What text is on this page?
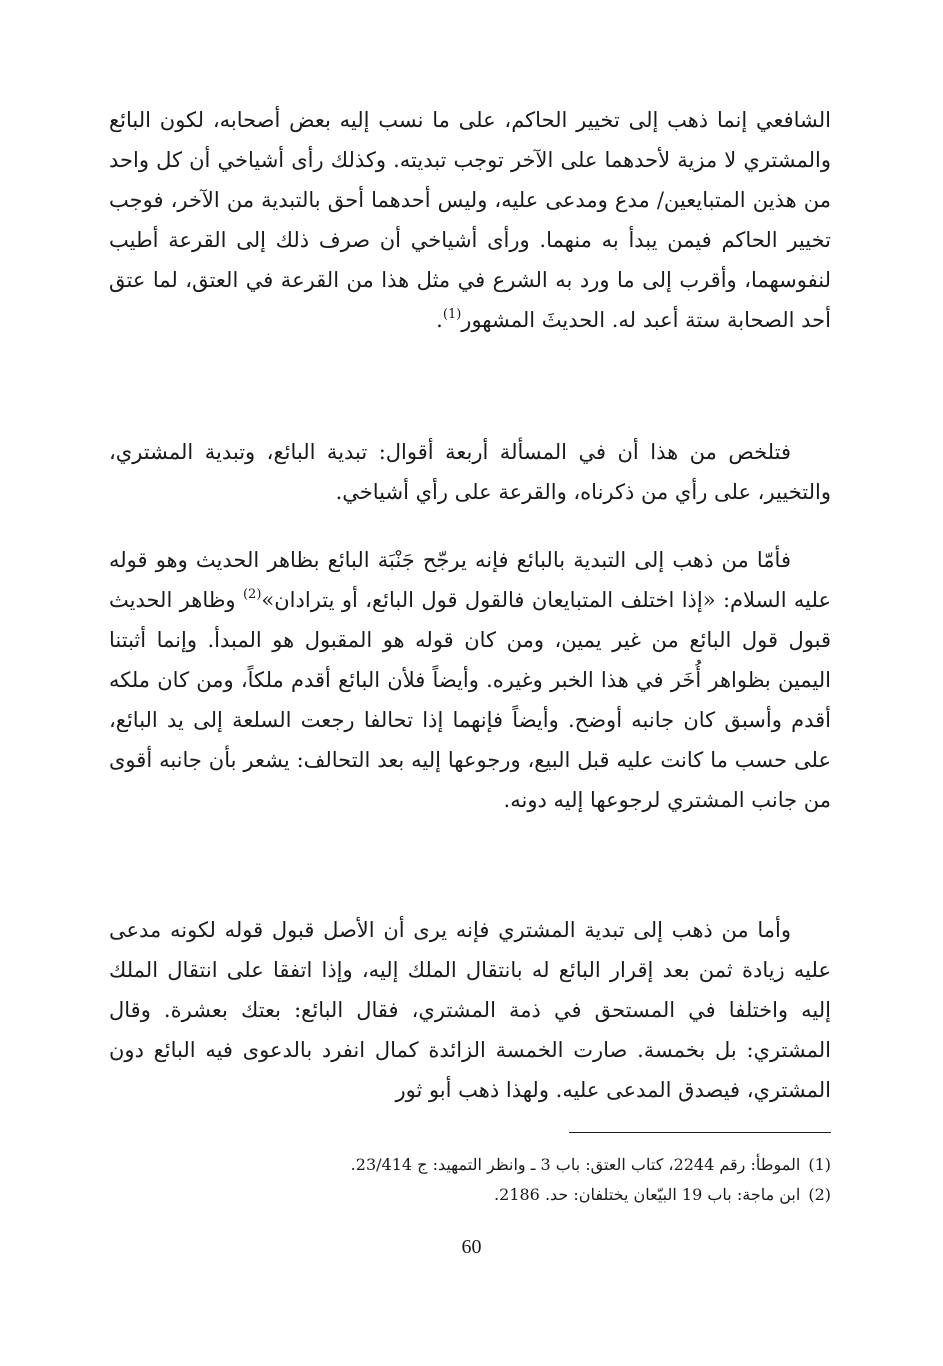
الشافعي إنما ذهب إلى تخيير الحاكم، على ما نسب إليه بعض أصحابه، لكون البائع والمشتري لا مزية لأحدهما على الآخر توجب تبديته. وكذلك رأى أشياخي أن كل واحد من هذين المتبايعين/ مدع ومدعى عليه، وليس أحدهما أحق بالتبدية من الآخر، فوجب تخيير الحاكم فيمن يبدأ به منهما. ورأى أشياخي أن صرف ذلك إلى القرعة أطيب لنفوسهما، وأقرب إلى ما ورد به الشرع في مثل هذا من القرعة في العتق، لما عتق أحد الصحابة ستة أعبد له. الحديثَ المشهور$^{(1)}$.

فتلخص من هذا أن في المسألة أربعة أقوال: تبدية البائع، وتبدية المشتري، والتخيير، على رأي من ذكرناه، والقرعة على رأي أشياخي.

فأمّا من ذهب إلى التبدية بالبائع فإنه يرجّح جَنْبَة البائع بظاهر الحديث وهو قوله عليه السلام: «إذا اختلف المتبايعان فالقول قول البائع، أو يترادان»$^{(2)}$ وظاهر الحديث قبول قول البائع من غير يمين، ومن كان قوله هو المقبول هو المبدأ. وإنما أثبتنا اليمين بظواهر أُخَر في هذا الخبر وغيره. وأيضاً فلأن البائع أقدم ملكاً، ومن كان ملكه أقدم وأسبق كان جانبه أوضح. وأيضاً فإنهما إذا تحالفا رجعت السلعة إلى يد البائع، على حسب ما كانت عليه قبل البيع، ورجوعها إليه بعد التحالف: يشعر بأن جانبه أقوى من جانب المشتري لرجوعها إليه دونه.

وأما من ذهب إلى تبدية المشتري فإنه يرى أن الأصل قبول قوله لكونه مدعى عليه زيادة ثمن بعد إقرار البائع له بانتقال الملك إليه، وإذا اتفقا على انتقال الملك إليه واختلفا في المستحق في ذمة المشتري، فقال البائع: بعتك بعشرة. وقال المشتري: بل بخمسة. صارت الخمسة الزائدة كمال انفرد بالدعوى فيه البائع دون المشتري، فيصدق المدعى عليه. ولهذا ذهب أبو ثور

(1)الموطأ: رقم 2244، كتاب العتق: باب 3 ـ وانظر التمهيد: ج 23/414.

(2)ابن ماجة: باب 19 البيّعان يختلفان: حد. 2186.

60
